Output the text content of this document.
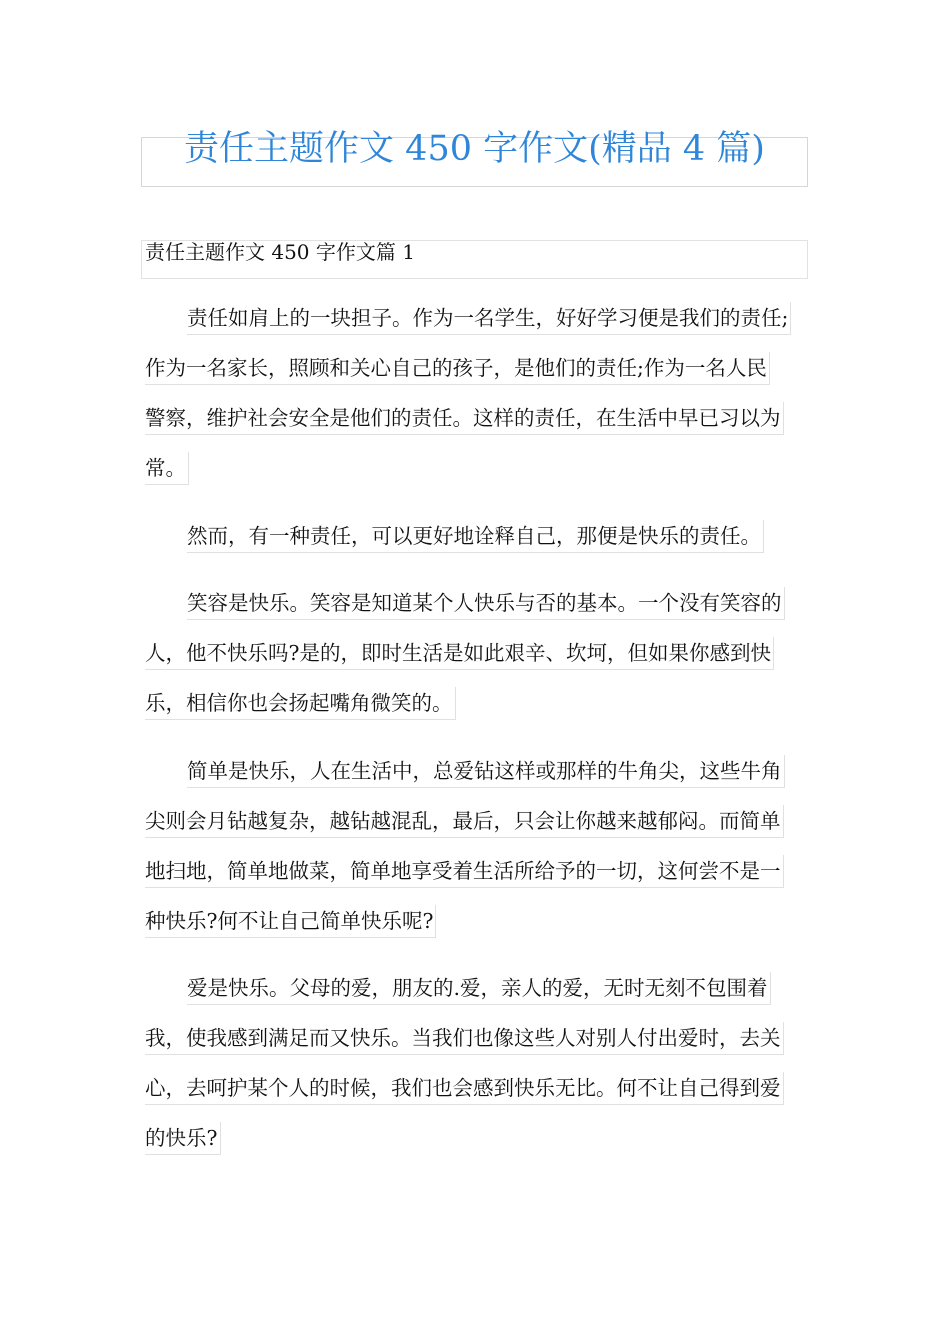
责任主题作文 450 字作文(精品 4 篇)
责任主题作文 450 字作文篇 1
责任如肩上的一块担子。作为一名学生，好好学习便是我们的责任;
作为一名家长，照顾和关心自己的孩子，是他们的责任;作为一名人民
警察，维护社会安全是他们的责任。这样的责任，在生活中早已习以为
常。
然而，有一种责任，可以更好地诠释自己，那便是快乐的责任。
笑容是快乐。笑容是知道某个人快乐与否的基本。一个没有笑容的
人，他不快乐吗?是的，即时生活是如此艰辛、坎坷，但如果你感到快
乐，相信你也会扬起嘴角微笑的。
简单是快乐，人在生活中，总爱钻这样或那样的牛角尖，这些牛角
尖则会月钻越复杂，越钻越混乱，最后，只会让你越来越郁闷。而简单
地扫地，简单地做菜，简单地享受着生活所给予的一切，这何尝不是一
种快乐?何不让自己简单快乐呢?
爱是快乐。父母的爱，朋友的.爱，亲人的爱，无时无刻不包围着
我，使我感到满足而又快乐。当我们也像这些人对别人付出爱时，去关
心，去呵护某个人的时候，我们也会感到快乐无比。何不让自己得到爱
的快乐?
